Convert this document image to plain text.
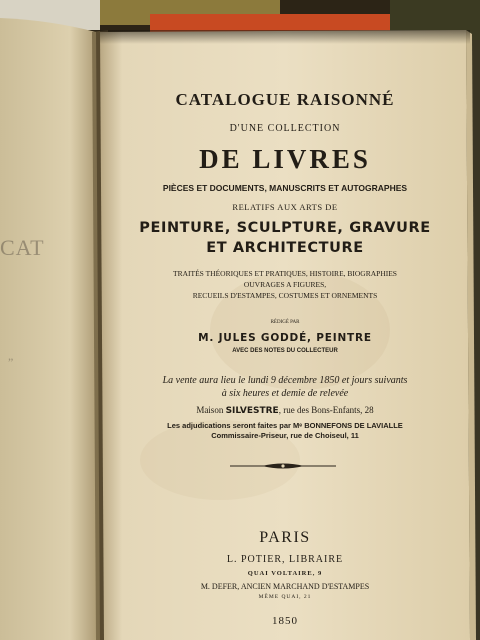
CAT
”
CATALOGUE RAISONNÉ
D'UNE COLLECTION
DE LIVRES
PIÈCES ET DOCUMENTS, MANUSCRITS ET AUTOGRAPHES
RELATIFS AUX ARTS DE
PEINTURE, SCULPTURE, GRAVURE
ET ARCHITECTURE
TRAITÉS THÉORIQUES ET PRATIQUES, HISTOIRE, BIOGRAPHIES
OUVRAGES A FIGURES,
RECUEILS D'ESTAMPES, COSTUMES ET ORNEMENTS
RÉDIGÉ PAR
M. JULES GODDÉ, PEINTRE
AVEC DES NOTES DU COLLECTEUR
La vente aura lieu le lundi 9 décembre 1850 et jours suivants
à six heures et demie de relevée
Maison SILVESTRE, rue des Bons-Enfants, 28
Les adjudications seront faites par Mᵉ BONNEFONS DE LAVIALLE
Commissaire-Priseur, rue de Choiseul, 11
PARIS
L. POTIER, LIBRAIRE
QUAI VOLTAIRE, 9
M. DEFER, ANCIEN MARCHAND D'ESTAMPES
MÊME QUAI, 21
1850
